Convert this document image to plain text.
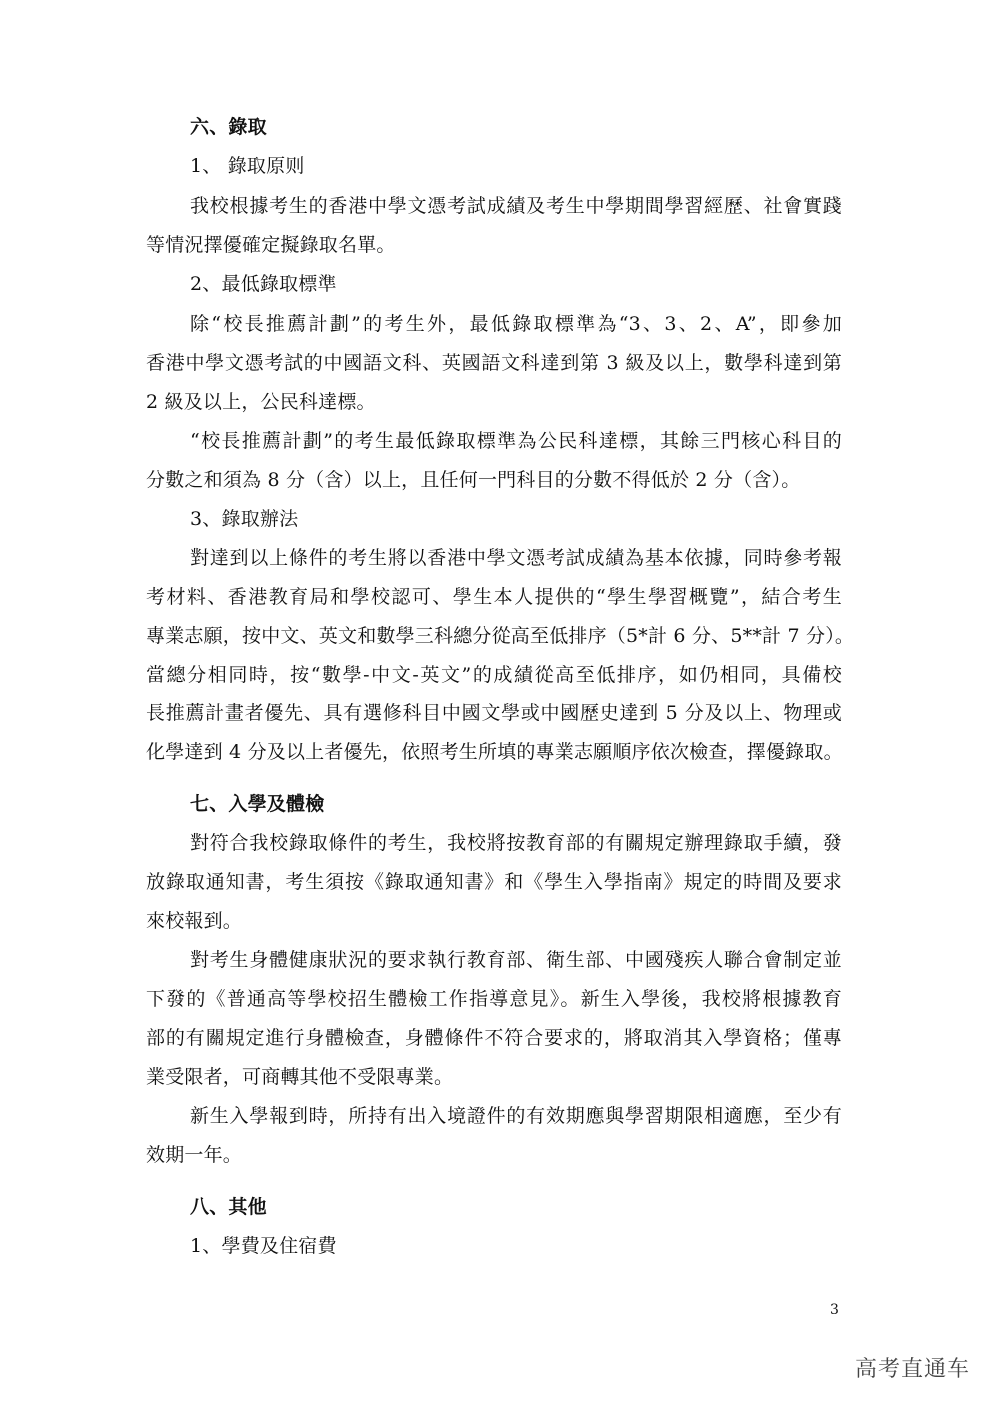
六、錄取
1、 錄取原则
我校根據考生的香港中學文憑考試成績及考生中學期間學習經歷、社會實踐
等情況擇優確定擬錄取名單。
2、最低錄取標準
除“校長推薦計劃”的考生外，最低錄取標準為“3、3、2、A”，即參加
香港中學文憑考試的中國語文科、英國語文科達到第 3 級及以上，數學科達到第
2 級及以上，公民科達標。
“校長推薦計劃”的考生最低錄取標準為公民科達標，其餘三門核心科目的
分數之和須為 8 分（含）以上，且任何一門科目的分數不得低於 2 分（含）。
3、錄取辦法
對達到以上條件的考生將以香港中學文憑考試成績為基本依據，同時參考報
考材料、香港教育局和學校認可、學生本人提供的“學生學習概覽”，結合考生
專業志願，按中文、英文和數學三科總分從高至低排序（5*計 6 分、5**計 7 分）。
當總分相同時，按“數學-中文-英文”的成績從高至低排序，如仍相同，具備校
長推薦計畫者優先、具有選修科目中國文學或中國歷史達到 5 分及以上、物理或
化學達到 4 分及以上者優先，依照考生所填的專業志願順序依次檢查，擇優錄取。
七、入學及體檢
對符合我校錄取條件的考生，我校將按教育部的有關規定辦理錄取手續，發
放錄取通知書，考生須按《錄取通知書》和《學生入學指南》規定的時間及要求
來校報到。
對考生身體健康狀況的要求執行教育部、衛生部、中國殘疾人聯合會制定並
下發的《普通高等學校招生體檢工作指導意見》。新生入學後，我校將根據教育
部的有關規定進行身體檢查，身體條件不符合要求的，將取消其入學資格；僅專
業受限者，可商轉其他不受限專業。
新生入學報到時，所持有出入境證件的有效期應與學習期限相適應，至少有
效期一年。
八、其他
1、學費及住宿費
3
高考直通车
